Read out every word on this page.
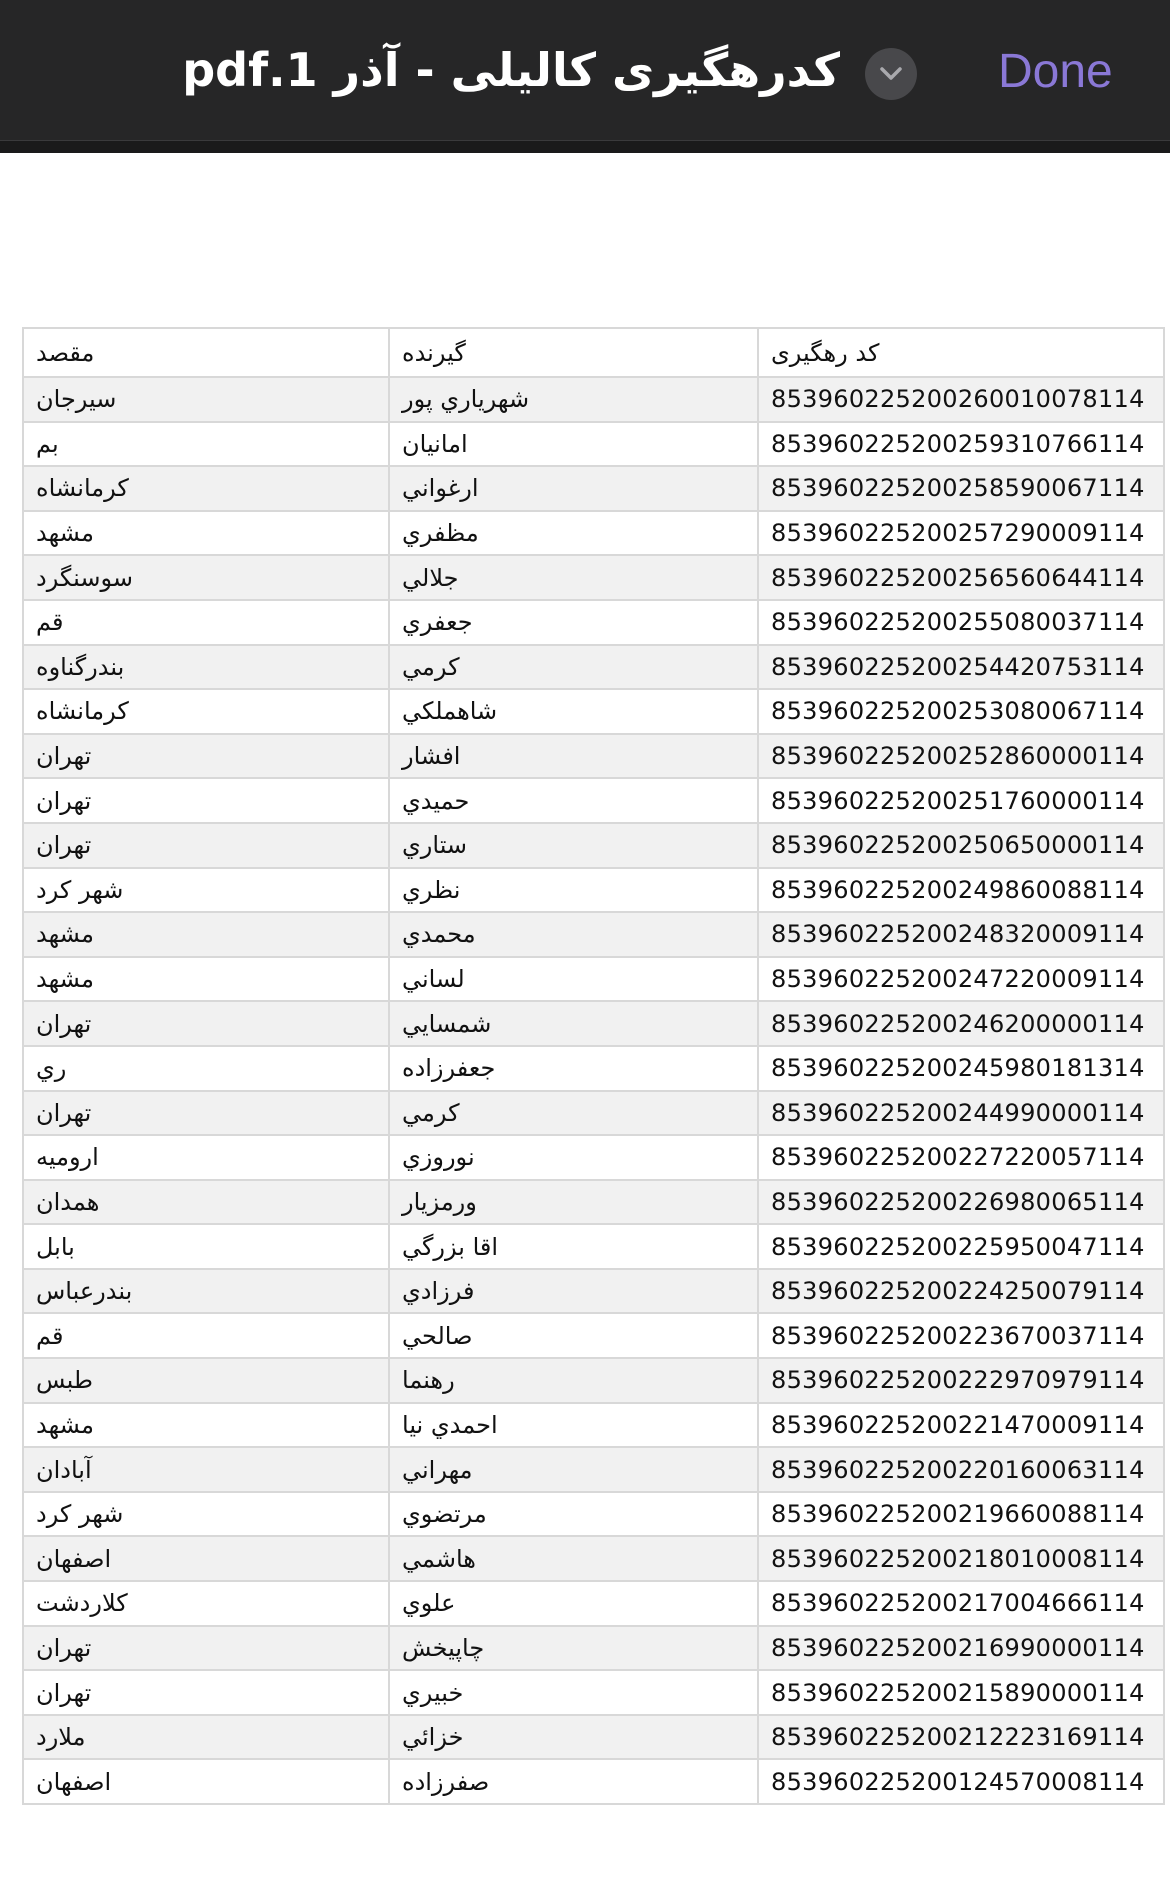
کدرهگیری کالیلی - آذر 1.pdf	Done
کد رهگیری	گیرنده	مقصد
853960225200260010078114	شهرياري پور	سيرجان
853960225200259310766114	امانيان	بم
853960225200258590067114	ارغواني	كرمانشاه
853960225200257290009114	مظفري	مشهد
853960225200256560644114	جلالي	سوسنگرد
853960225200255080037114	جعفري	قم
853960225200254420753114	كرمي	بندرگناوه
853960225200253080067114	شاهملكي	كرمانشاه
853960225200252860000114	افشار	تهران
853960225200251760000114	حميدي	تهران
853960225200250650000114	ستاري	تهران
853960225200249860088114	نظري	شهر كرد
853960225200248320009114	محمدي	مشهد
853960225200247220009114	لساني	مشهد
853960225200246200000114	شمسايي	تهران
853960225200245980181314	جعفرزاده	ري
853960225200244990000114	كرمي	تهران
853960225200227220057114	نوروزي	اروميه
853960225200226980065114	ورمزيار	همدان
853960225200225950047114	اقا بزرگي	بابل
853960225200224250079114	فرزادي	بندرعباس
853960225200223670037114	صالحي	قم
853960225200222970979114	رهنما	طبس
853960225200221470009114	احمدي نيا	مشهد
853960225200220160063114	مهراني	آبادان
853960225200219660088114	مرتضوي	شهر كرد
853960225200218010008114	هاشمي	اصفهان
853960225200217004666114	علوي	كلاردشت
853960225200216990000114	چاپيخش	تهران
853960225200215890000114	خبيري	تهران
853960225200212223169114	خزائي	ملارد
853960225200124570008114	صفرزاده	اصفهان
